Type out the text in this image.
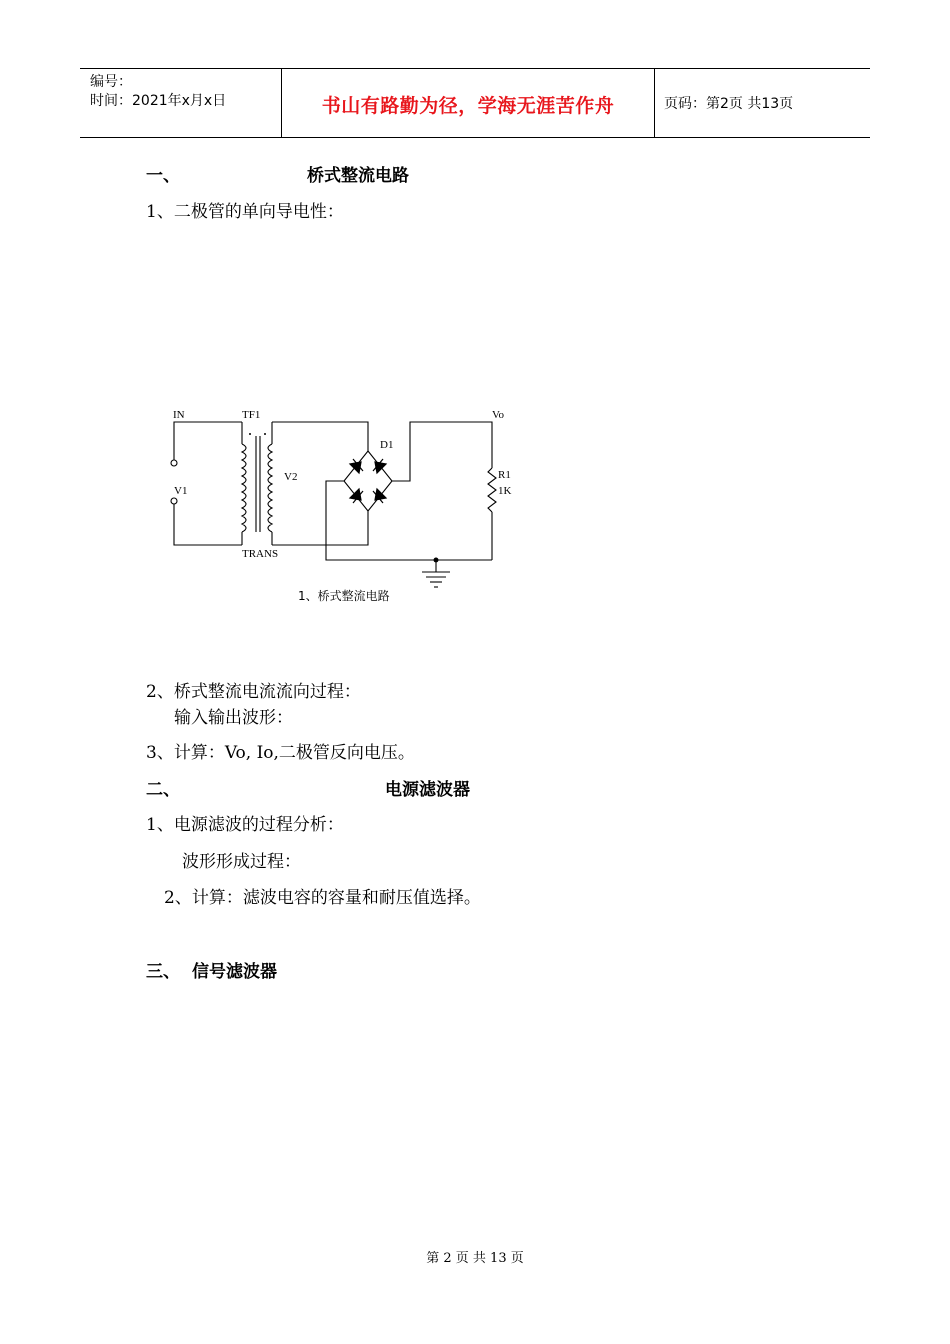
编号：
时间：2021年x月x日	书山有路勤为径，学海无涯苦作舟	页码：第2页 共13页
一、	桥式整流电路
1、二极管的单向导电性：
IN	TF1
V1
V2
TRANS
D1
Vo
R1
1K
1、桥式整流电路
2、桥式整流电流流向过程：
输入输出波形：
3、计算：Vo, Io,二极管反向电压。
二、	电源滤波器
1、电源滤波的过程分析：
波形形成过程：
2、计算：滤波电容的容量和耐压值选择。
三、 信号滤波器
第 2 页 共 13 页
